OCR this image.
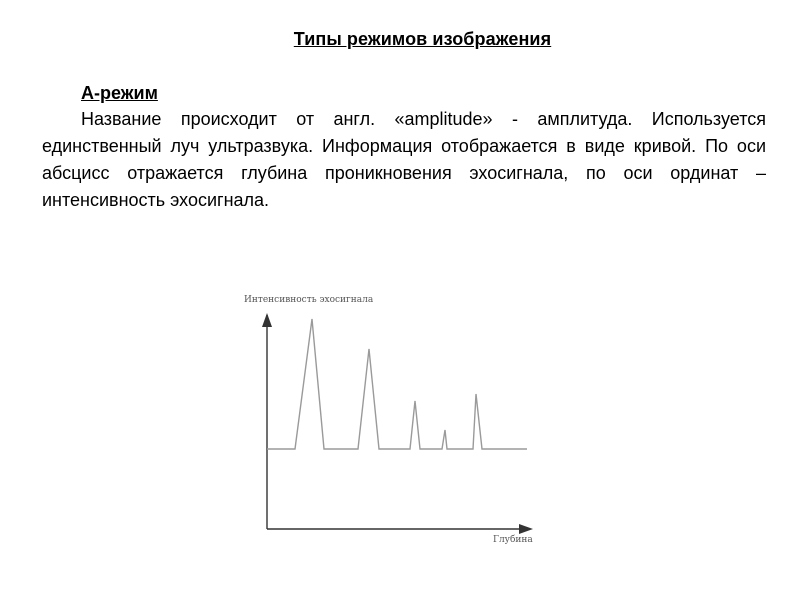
Типы режимов изображения
А-режим
Название происходит от англ. «amplitude» - амплитуда. Используется единственный луч ультразвука. Информация отображается в виде кривой. По оси абсцисс отражается глубина проникновения эхосигнала, по оси ординат – интенсивность эхосигнала.
Интенсивность эхосигнала
Глубина
